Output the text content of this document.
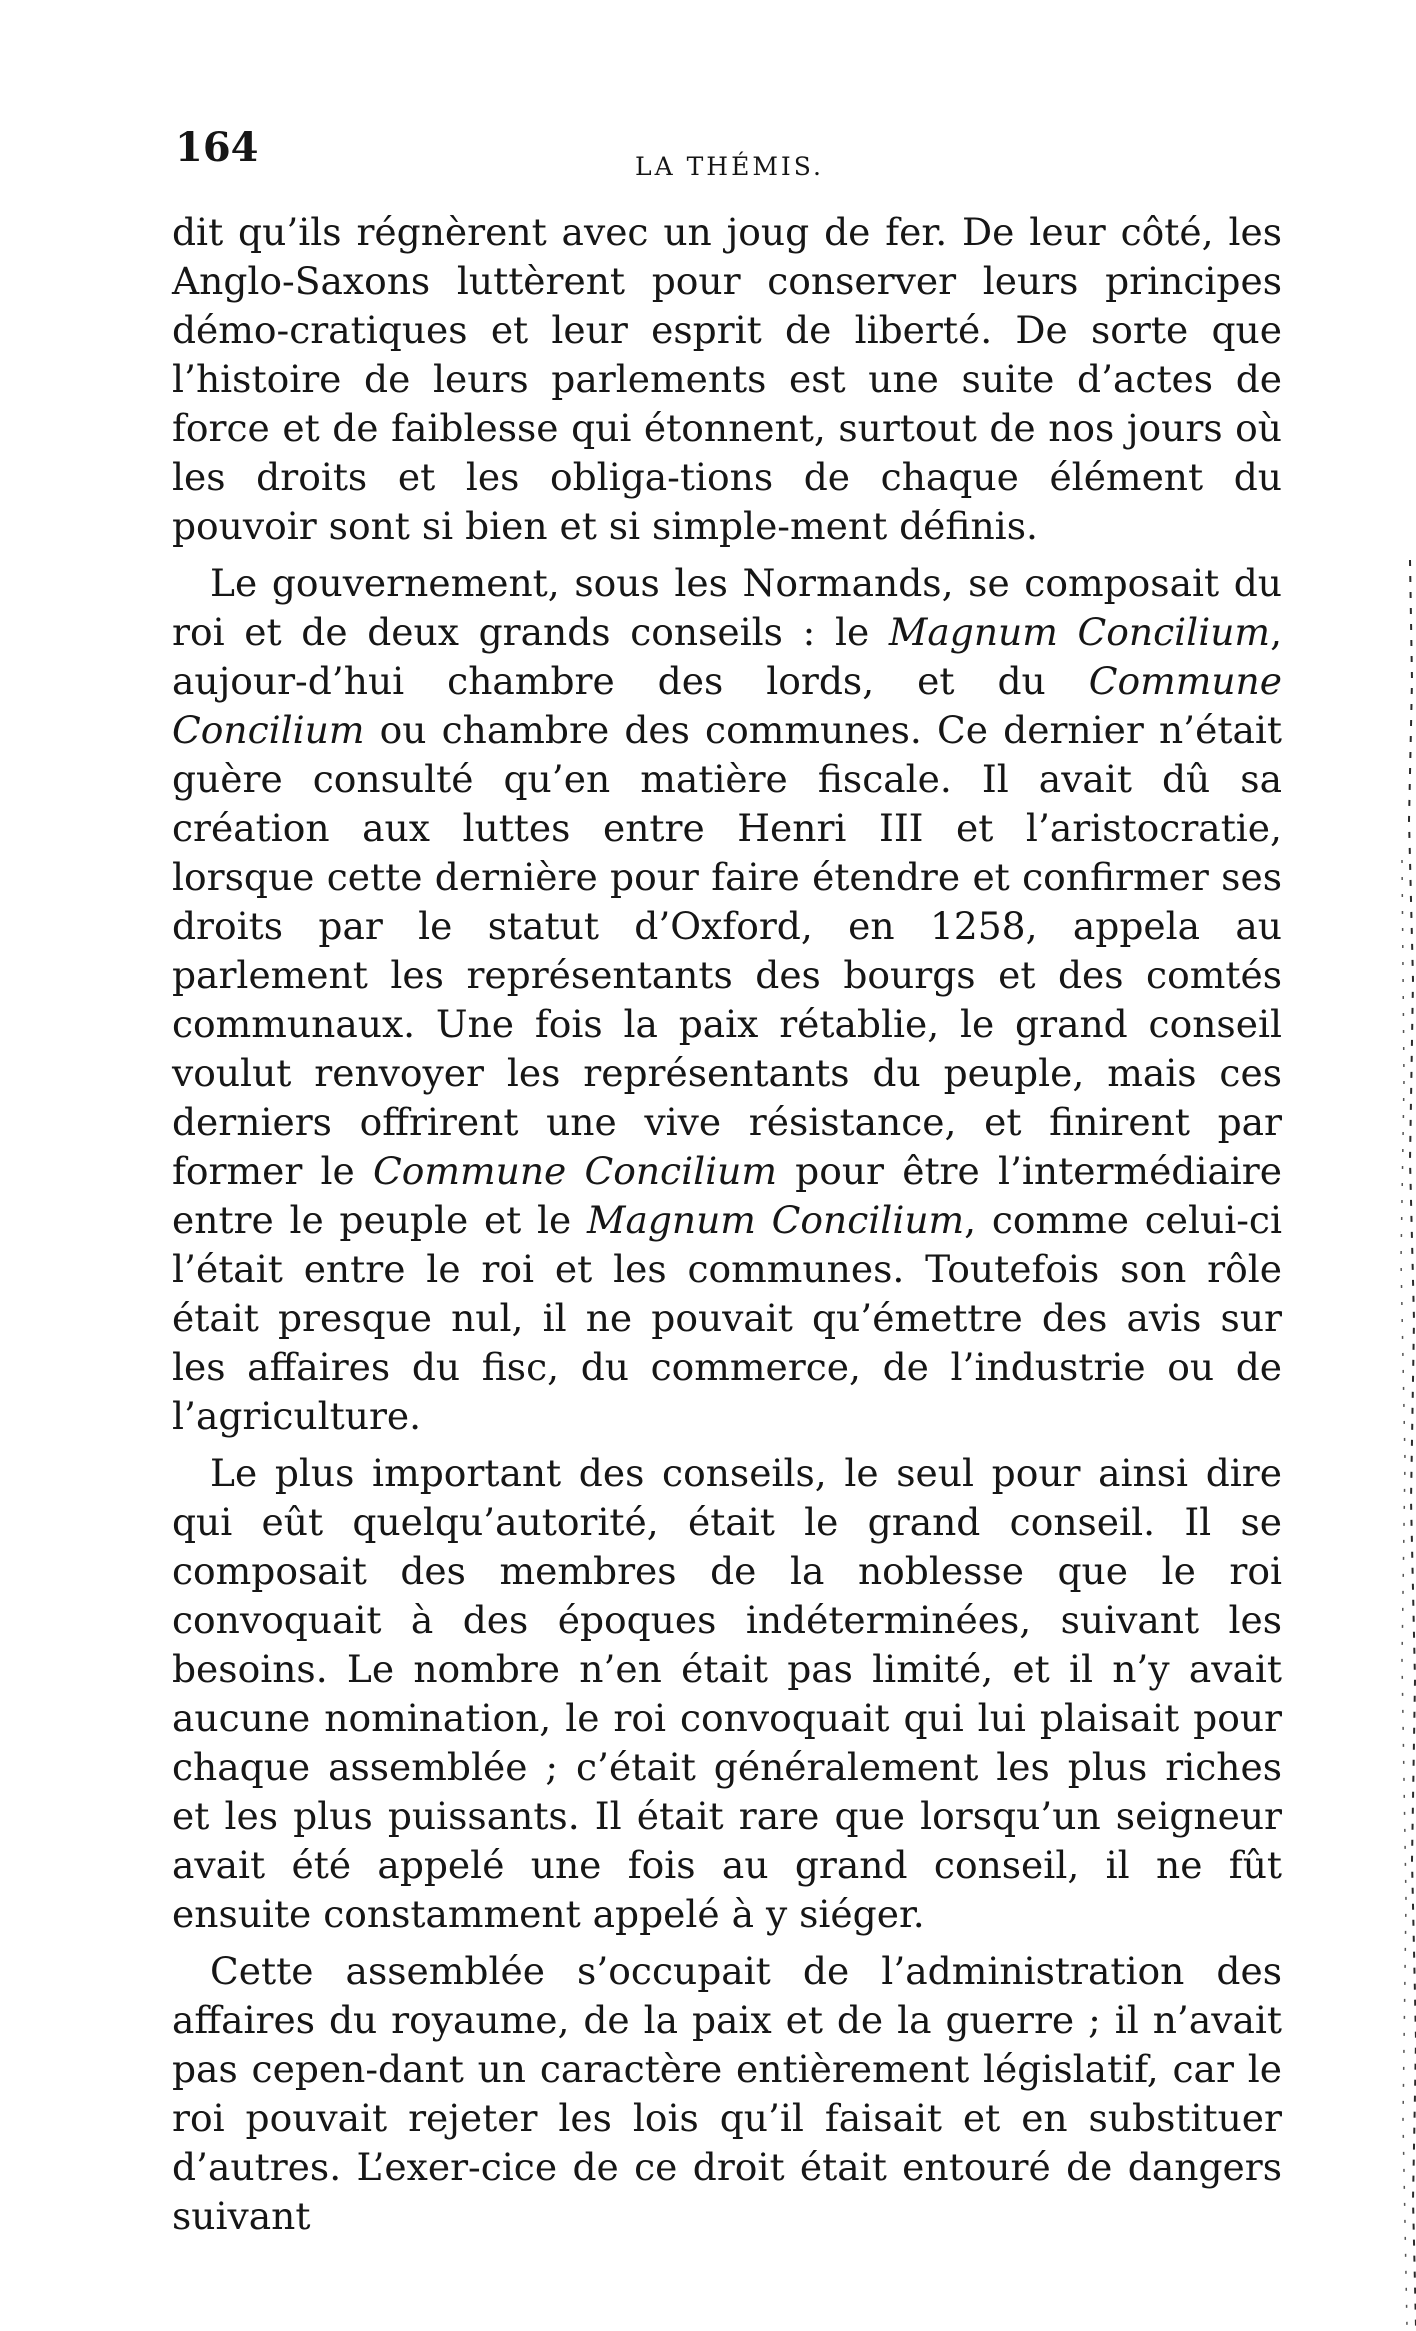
164	LA THÉMIS.

dit qu’ils régnèrent avec un joug de fer. De leur côté, les Anglo-Saxons luttèrent pour conserver leurs principes démo-cratiques et leur esprit de liberté. De sorte que l’histoire de leurs parlements est une suite d’actes de force et de faiblesse qui étonnent, surtout de nos jours où les droits et les obliga-tions de chaque élément du pouvoir sont si bien et si simple-ment définis.

Le gouvernement, sous les Normands, se composait du roi et de deux grands conseils : le Magnum Concilium, aujour-d’hui chambre des lords, et du Commune Concilium ou chambre des communes. Ce dernier n’était guère consulté qu’en matière fiscale. Il avait dû sa création aux luttes entre Henri III et l’aristocratie, lorsque cette dernière pour faire étendre et confirmer ses droits par le statut d’Oxford, en 1258, appela au parlement les représentants des bourgs et des comtés communaux. Une fois la paix rétablie, le grand conseil voulut renvoyer les représentants du peuple, mais ces derniers offrirent une vive résistance, et finirent par former le Commune Concilium pour être l’intermédiaire entre le peuple et le Magnum Concilium, comme celui-ci l’était entre le roi et les communes. Toutefois son rôle était presque nul, il ne pouvait qu’émettre des avis sur les affaires du fisc, du commerce, de l’industrie ou de l’agriculture.

Le plus important des conseils, le seul pour ainsi dire qui eût quelqu’autorité, était le grand conseil. Il se composait des membres de la noblesse que le roi convoquait à des époques indéterminées, suivant les besoins. Le nombre n’en était pas limité, et il n’y avait aucune nomination, le roi convoquait qui lui plaisait pour chaque assemblée ; c’était généralement les plus riches et les plus puissants. Il était rare que lorsqu’un seigneur avait été appelé une fois au grand conseil, il ne fût ensuite constamment appelé à y siéger.

Cette assemblée s’occupait de l’administration des affaires du royaume, de la paix et de la guerre ; il n’avait pas cepen-dant un caractère entièrement législatif, car le roi pouvait rejeter les lois qu’il faisait et en substituer d’autres. L’exer-cice de ce droit était entouré de dangers suivant
